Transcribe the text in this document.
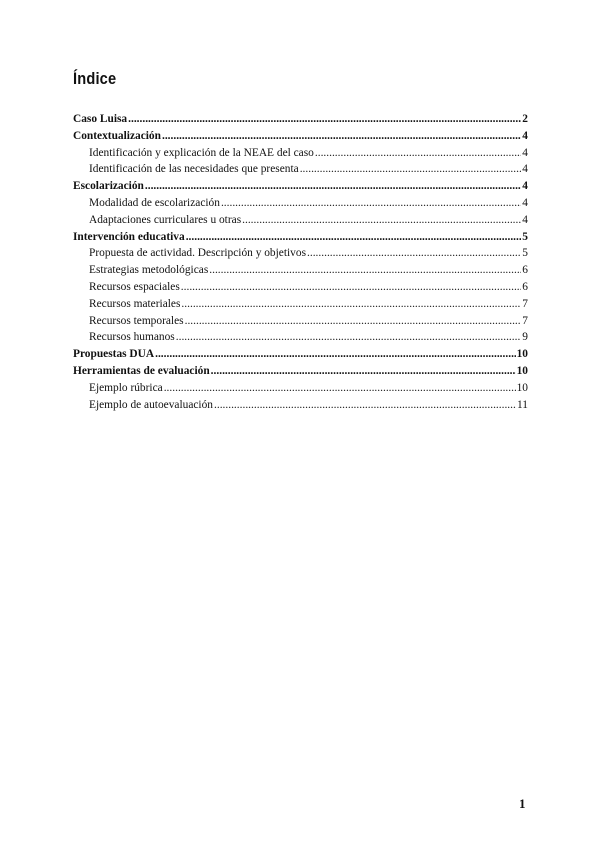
Índice
Caso Luisa .....	2
Contextualización .....	4
Identificación y explicación de la NEAE del caso .....	4
Identificación de las necesidades que presenta .....	4
Escolarización .....	4
Modalidad de escolarización .....	4
Adaptaciones curriculares u otras .....	4
Intervención educativa .....	5
Propuesta de actividad. Descripción y objetivos .....	5
Estrategias metodológicas .....	6
Recursos espaciales .....	6
Recursos materiales .....	7
Recursos temporales .....	7
Recursos humanos .....	9
Propuestas DUA .....	10
Herramientas de evaluación .....	10
Ejemplo rúbrica .....	10
Ejemplo de autoevaluación .....	11
1
